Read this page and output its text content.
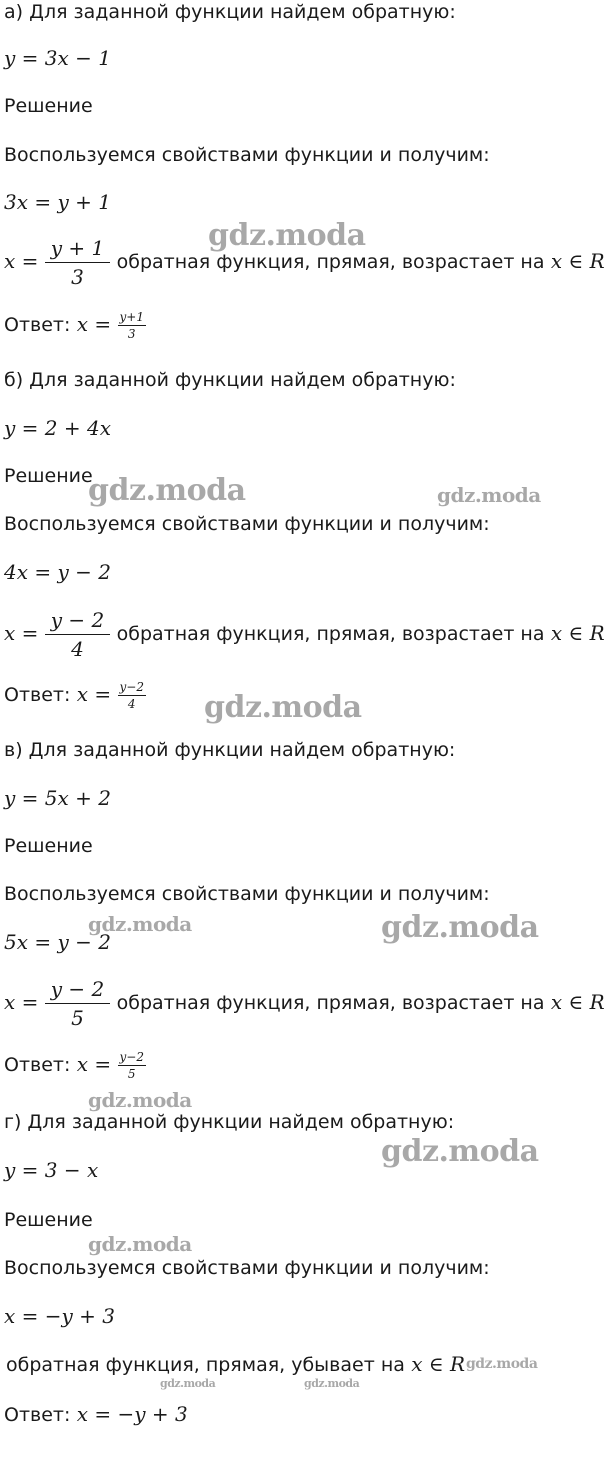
а) Для заданной функции найдем обратную:
y = 3x − 1
Решение
Воспользуемся свойствами функции и получим:
3x = y + 1
$x = \frac{y + 1}{3}$ обратная функция, прямая, возрастает на x ∈ R
Ответ: $x = \frac{y+1}{3}$
б) Для заданной функции найдем обратную:
y = 2 + 4x
Решение
Воспользуемся свойствами функции и получим:
4x = y − 2
$x = \frac{y - 2}{4}$ обратная функция, прямая, возрастает на x ∈ R
Ответ: $x = \frac{y-2}{4}$
в) Для заданной функции найдем обратную:
y = 5x + 2
Решение
Воспользуемся свойствами функции и получим:
5x = y − 2
$x = \frac{y - 2}{5}$ обратная функция, прямая, возрастает на x ∈ R
Ответ: $x = \frac{y-2}{5}$
г) Для заданной функции найдем обратную:
y = 3 − x
Решение
Воспользуемся свойствами функции и получим:
x = −y + 3
обратная функция, прямая, убывает на x ∈ R
Ответ: x = −y + 3
gdz.moda
gdz.moda	gdz.moda
gdz.moda
gdz.moda	gdz.moda
gdz.moda
gdz.moda
gdz.moda
gdz.moda
gdz.moda	gdz.moda
